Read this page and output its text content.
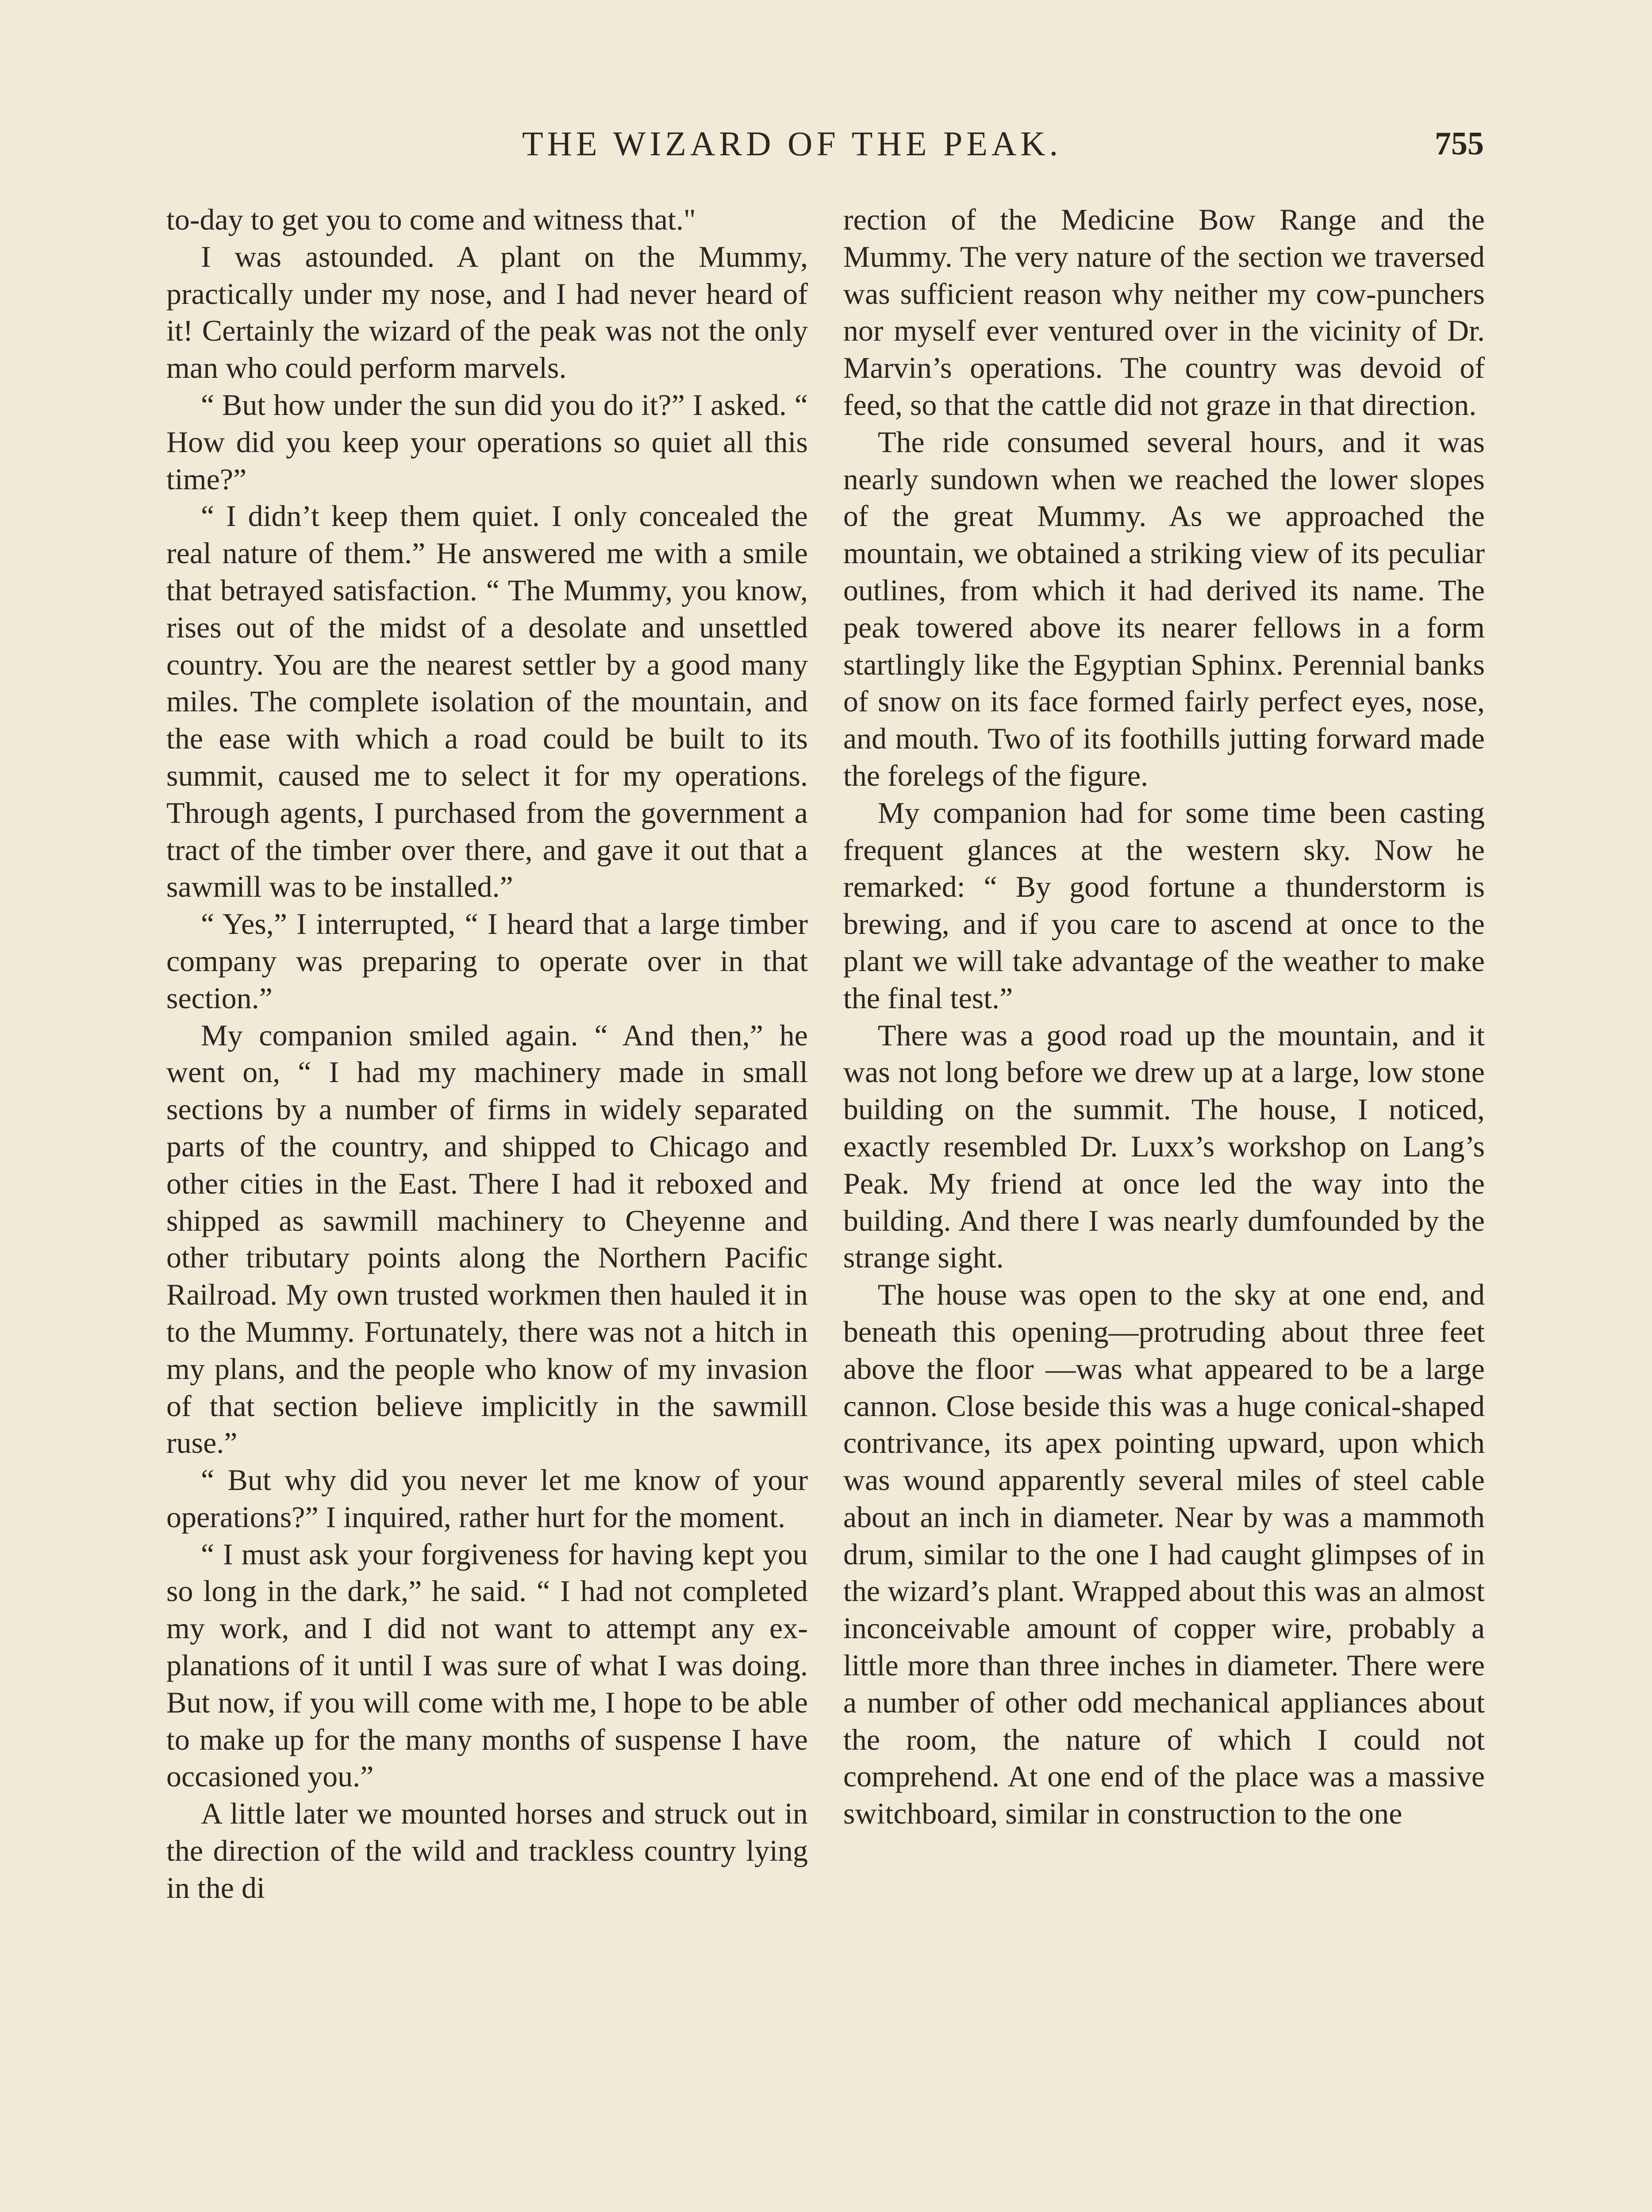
THE WIZARD OF THE PEAK.	755

to-day to get you to come and witness that."

I was astounded. A plant on the Mummy, practically under my nose, and I had never heard of it! Certainly the wizard of the peak was not the only man who could perform marvels.

“ But how under the sun did you do it?” I asked. “ How did you keep your operations so quiet all this time?”

“ I didn’t keep them quiet. I only concealed the real nature of them.” He answered me with a smile that betrayed satisfaction. “ The Mummy, you know, rises out of the midst of a desolate and unsettled country. You are the nearest settler by a good many miles. The complete isolation of the mountain, and the ease with which a road could be built to its summit, caused me to select it for my operations. Through agents, I purchased from the government a tract of the timber over there, and gave it out that a sawmill was to be installed.”

“ Yes,” I interrupted, “ I heard that a large timber company was preparing to operate over in that section.”

My companion smiled again. “ And then,” he went on, “ I had my machinery made in small sections by a number of firms in widely separated parts of the country, and shipped to Chicago and other cities in the East. There I had it reboxed and shipped as sawmill machinery to Cheyenne and other tributary points along the Northern Pacific Railroad. My own trusted workmen then hauled it in to the Mummy. Fortunately, there was not a hitch in my plans, and the people who know of my invasion of that section believe implicitly in the sawmill ruse.”

“ But why did you never let me know of your operations?” I inquired, rather hurt for the moment.

“ I must ask your forgiveness for having kept you so long in the dark,” he said. “ I had not completed my work, and I did not want to attempt any explanations of it until I was sure of what I was doing. But now, if you will come with me, I hope to be able to make up for the many months of suspense I have occasioned you.”

A little later we mounted horses and struck out in the direction of the wild and trackless country lying in the di

rection of the Medicine Bow Range and the Mummy. The very nature of the section we traversed was sufficient reason why neither my cow-punchers nor myself ever ventured over in the vicinity of Dr. Marvin’s operations. The country was devoid of feed, so that the cattle did not graze in that direction.

The ride consumed several hours, and it was nearly sundown when we reached the lower slopes of the great Mummy. As we approached the mountain, we obtained a striking view of its peculiar outlines, from which it had derived its name. The peak towered above its nearer fellows in a form startlingly like the Egyptian Sphinx. Perennial banks of snow on its face formed fairly perfect eyes, nose, and mouth. Two of its foothills jutting forward made the forelegs of the figure.

My companion had for some time been casting frequent glances at the western sky. Now he remarked: “ By good fortune a thunderstorm is brewing, and if you care to ascend at once to the plant we will take advantage of the weather to make the final test.”

There was a good road up the mountain, and it was not long before we drew up at a large, low stone building on the summit. The house, I noticed, exactly resembled Dr. Luxx’s workshop on Lang’s Peak. My friend at once led the way into the building. And there I was nearly dumfounded by the strange sight.

The house was open to the sky at one end, and beneath this opening—protruding about three feet above the floor —was what appeared to be a large cannon. Close beside this was a huge conical-shaped contrivance, its apex pointing upward, upon which was wound apparently several miles of steel cable about an inch in diameter. Near by was a mammoth drum, similar to the one I had caught glimpses of in the wizard’s plant. Wrapped about this was an almost inconceivable amount of copper wire, probably a little more than three inches in diameter. There were a number of other odd mechanical appliances about the room, the nature of which I could not comprehend. At one end of the place was a massive switchboard, similar in construction to the one
